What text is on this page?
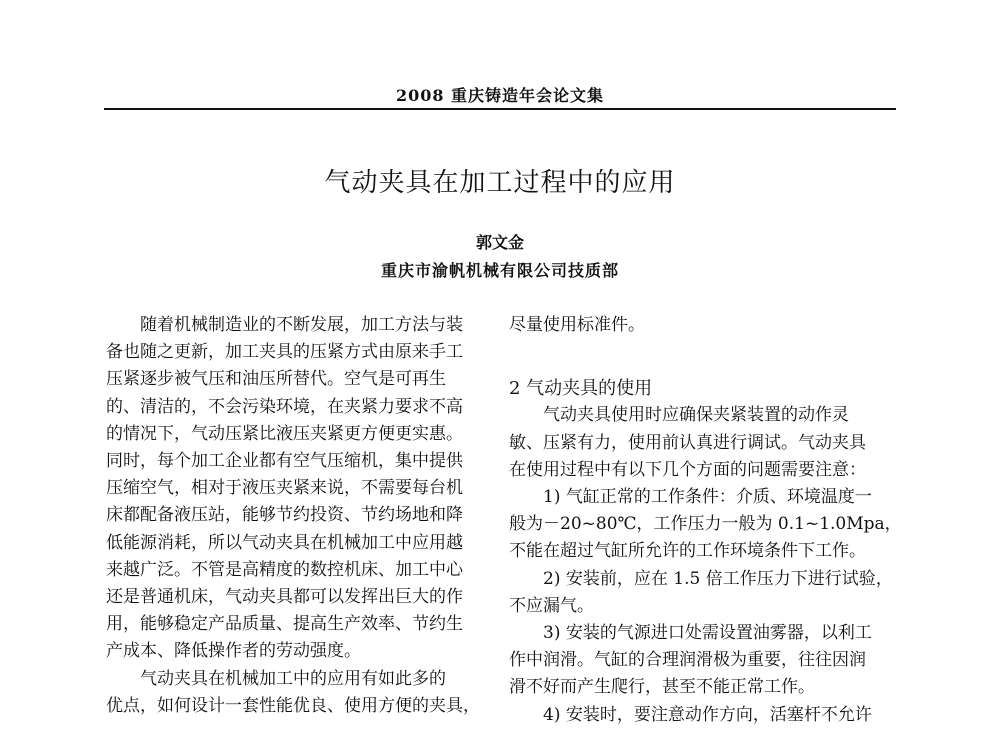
2008 重庆铸造年会论文集
气动夹具在加工过程中的应用
郭文金
重庆市渝帆机械有限公司技质部
　　随着机械制造业的不断发展，加工方法与装
备也随之更新，加工夹具的压紧方式由原来手工
压紧逐步被气压和油压所替代。空气是可再生
的、清洁的，不会污染环境，在夹紧力要求不高
的情况下，气动压紧比液压夹紧更方便更实惠。
同时，每个加工企业都有空气压缩机，集中提供
压缩空气，相对于液压夹紧来说，不需要每台机
床都配备液压站，能够节约投资、节约场地和降
低能源消耗，所以气动夹具在机械加工中应用越
来越广泛。不管是高精度的数控机床、加工中心
还是普通机床，气动夹具都可以发挥出巨大的作
用，能够稳定产品质量、提高生产效率、节约生
产成本、降低操作者的劳动强度。
　　气动夹具在机械加工中的应用有如此多的
优点，如何设计一套性能优良、使用方便的夹具，
尽量使用标准件。
2 气动夹具的使用
　　气动夹具使用时应确保夹紧装置的动作灵
敏、压紧有力，使用前认真进行调试。气动夹具
在使用过程中有以下几个方面的问题需要注意：
　　1) 气缸正常的工作条件：介质、环境温度一
般为－20~80℃，工作压力一般为 0.1~1.0Mpa，
不能在超过气缸所允许的工作环境条件下工作。
　　2) 安装前，应在 1.5 倍工作压力下进行试验，
不应漏气。
　　3) 安装的气源进口处需设置油雾器，以利工
作中润滑。气缸的合理润滑极为重要，往往因润
滑不好而产生爬行，甚至不能正常工作。
　　4) 安装时，要注意动作方向，活塞杆不允许
